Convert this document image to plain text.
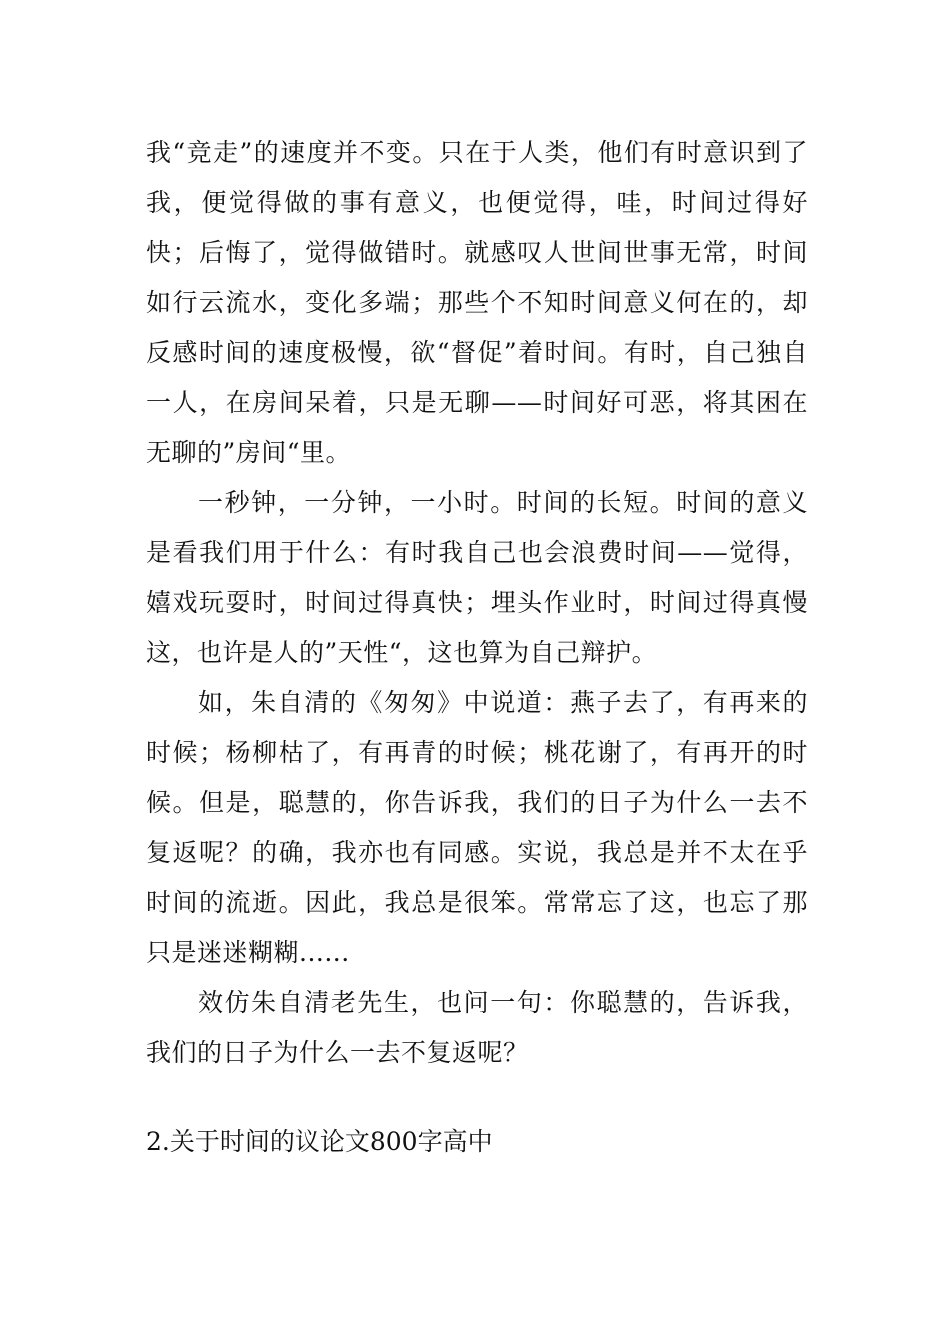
我“竞走”的速度并不变。只在于人类，他们有时意识到了我，便觉得做的事有意义，也便觉得，哇，时间过得好快；后悔了，觉得做错时。就感叹人世间世事无常，时间如行云流水，变化多端；那些个不知时间意义何在的，却反感时间的速度极慢，欲“督促”着时间。有时，自己独自一人，在房间呆着，只是无聊——时间好可恶，将其困在无聊的”房间“里。

一秒钟，一分钟，一小时。时间的长短。时间的意义是看我们用于什么：有时我自己也会浪费时间——觉得，嬉戏玩耍时，时间过得真快；埋头作业时，时间过得真慢这，也许是人的”天性“，这也算为自己辩护。

如，朱自清的《匆匆》中说道：燕子去了，有再来的时候；杨柳枯了，有再青的时候；桃花谢了，有再开的时候。但是，聪慧的，你告诉我，我们的日子为什么一去不复返呢？的确，我亦也有同感。实说，我总是并不太在乎时间的流逝。因此，我总是很笨。常常忘了这，也忘了那只是迷迷糊糊......

效仿朱自清老先生，也问一句：你聪慧的，告诉我，我们的日子为什么一去不复返呢？

2.关于时间的议论文800字高中
